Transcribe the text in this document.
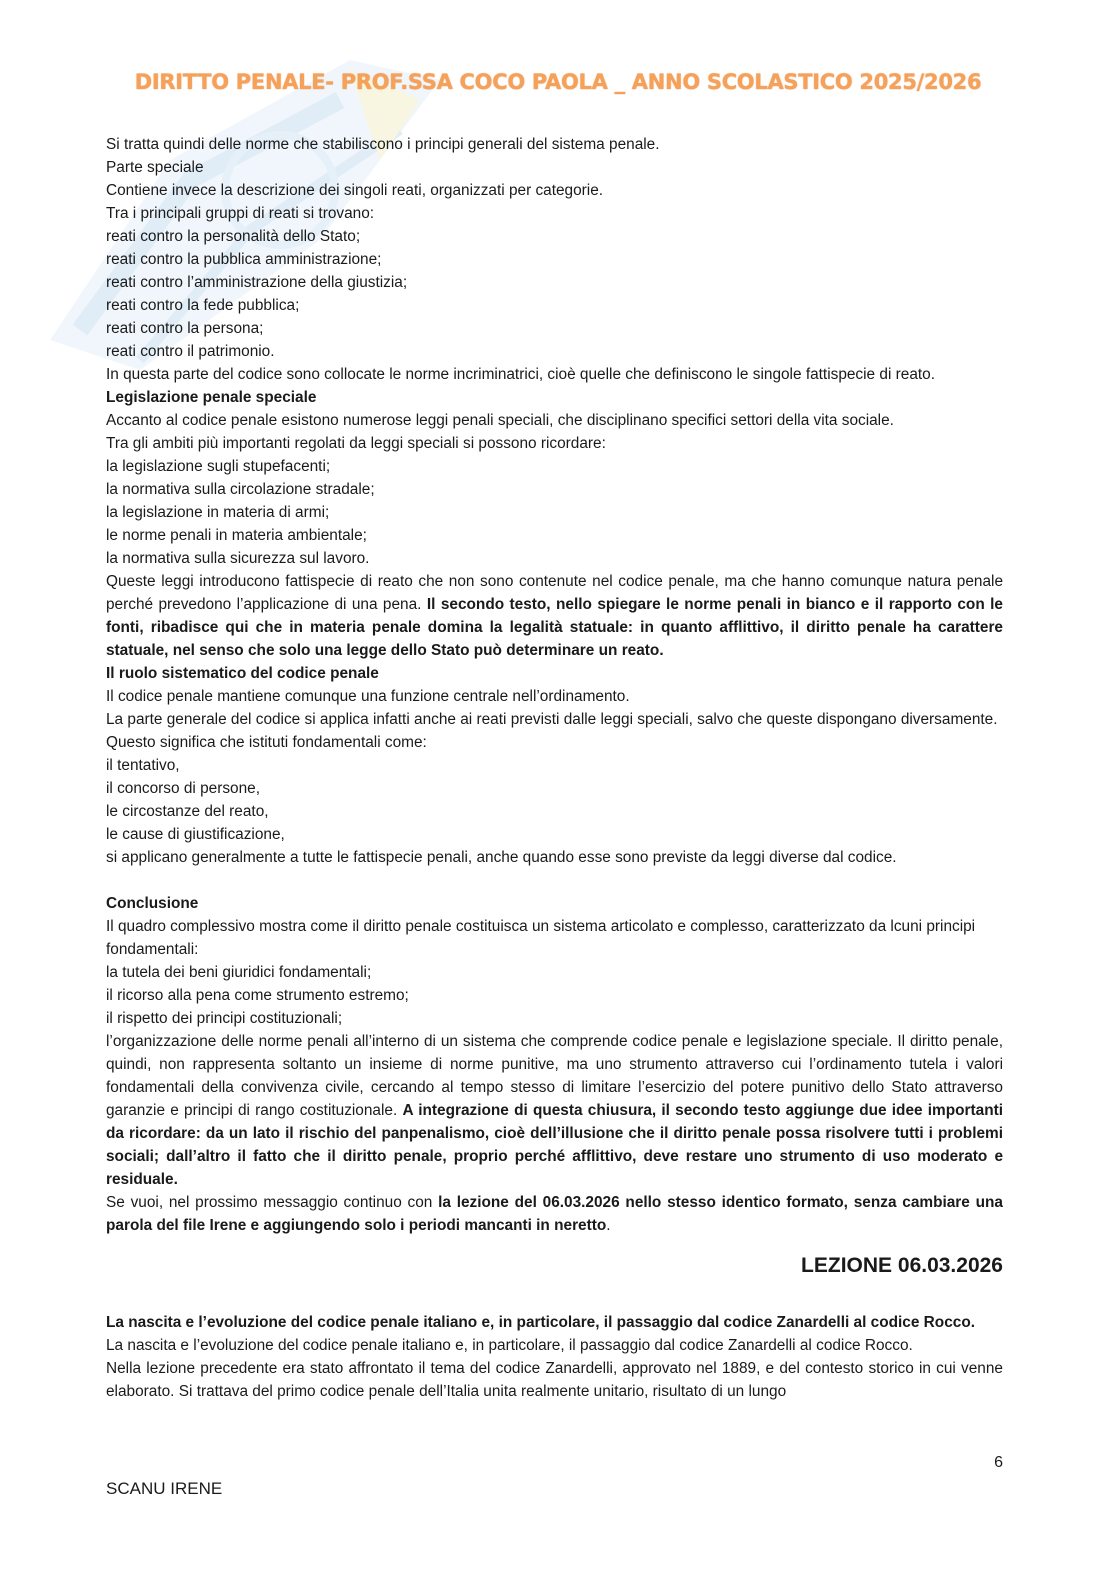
DIRITTO PENALE- PROF.SSA COCO PAOLA _ ANNO SCOLASTICO 2025/2026

Si tratta quindi delle norme che stabiliscono i principi generali del sistema penale.

Parte speciale

Contiene invece la descrizione dei singoli reati, organizzati per categorie.

Tra i principali gruppi di reati si trovano:

reati contro la personalità dello Stato;

reati contro la pubblica amministrazione;

reati contro l’amministrazione della giustizia;

reati contro la fede pubblica;

reati contro la persona;

reati contro il patrimonio.

In questa parte del codice sono collocate le norme incriminatrici, cioè quelle che definiscono le singole fattispecie di reato.

Legislazione penale speciale

Accanto al codice penale esistono numerose leggi penali speciali, che disciplinano specifici settori della vita sociale.

Tra gli ambiti più importanti regolati da leggi speciali si possono ricordare:

la legislazione sugli stupefacenti;

la normativa sulla circolazione stradale;

la legislazione in materia di armi;

le norme penali in materia ambientale;

la normativa sulla sicurezza sul lavoro.

Queste leggi introducono fattispecie di reato che non sono contenute nel codice penale, ma che hanno comunque natura penale perché prevedono l’applicazione di una pena. Il secondo testo, nello spiegare le norme penali in bianco e il rapporto con le fonti, ribadisce qui che in materia penale domina la legalità statuale: in quanto afflittivo, il diritto penale ha carattere statuale, nel senso che solo una legge dello Stato può determinare un reato.

Il ruolo sistematico del codice penale

Il codice penale mantiene comunque una funzione centrale nell’ordinamento.

La parte generale del codice si applica infatti anche ai reati previsti dalle leggi speciali, salvo che queste dispongano diversamente.

Questo significa che istituti fondamentali come:

il tentativo,

il concorso di persone,

le circostanze del reato,

le cause di giustificazione,

si applicano generalmente a tutte le fattispecie penali, anche quando esse sono previste da leggi diverse dal codice.

Conclusione

Il quadro complessivo mostra come il diritto penale costituisca un sistema articolato e complesso, caratterizzato da lcuni principi fondamentali:

la tutela dei beni giuridici fondamentali;

il ricorso alla pena come strumento estremo;

il rispetto dei principi costituzionali;

l’organizzazione delle norme penali all’interno di un sistema che comprende codice penale e legislazione speciale. Il diritto penale, quindi, non rappresenta soltanto un insieme di norme punitive, ma uno strumento attraverso cui l’ordinamento tutela i valori fondamentali della convivenza civile, cercando al tempo stesso di limitare l’esercizio del potere punitivo dello Stato attraverso garanzie e principi di rango costituzionale. A integrazione di questa chiusura, il secondo testo aggiunge due idee importanti da ricordare: da un lato il rischio del panpenalismo, cioè dell’illusione che il diritto penale possa risolvere tutti i problemi sociali; dall’altro il fatto che il diritto penale, proprio perché afflittivo, deve restare uno strumento di uso moderato e residuale.

Se vuoi, nel prossimo messaggio continuo con la lezione del 06.03.2026 nello stesso identico formato, senza cambiare una parola del file Irene e aggiungendo solo i periodi mancanti in neretto.

LEZIONE 06.03.2026

La nascita e l’evoluzione del codice penale italiano e, in particolare, il passaggio dal codice Zanardelli al codice Rocco.

La nascita e l’evoluzione del codice penale italiano e, in particolare, il passaggio dal codice Zanardelli al codice Rocco.

Nella lezione precedente era stato affrontato il tema del codice Zanardelli, approvato nel 1889, e del contesto storico in cui venne elaborato. Si trattava del primo codice penale dell’Italia unita realmente unitario, risultato di un lungo

6
SCANU IRENE
